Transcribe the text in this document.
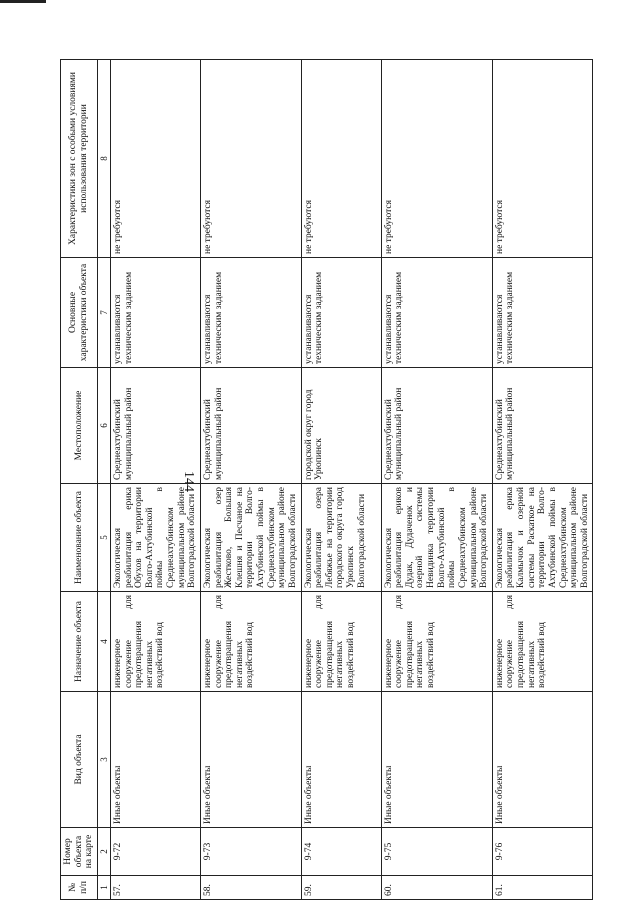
144
№ п/п	Номер объекта на карте	Вид объекта	Назначение объекта	Наименование объекта	Местоположение	Основные характеристики объекта	Характеристики зон с особыми условиями использования территории
1	2	3	4	5	6	7	8
57.	9-72	Иные объекты	инженерное сооружение для предотвращения негативных воздействий вод	Экологическая реабилитация ерика Обухов на территории Волго-Ахтубинской поймы в Среднеахтубинском муниципальном районе Волгоградской области	Среднеахтубинский муниципальный район	устанавливаются техническим заданием	не требуются
58.	9-73	Иные объекты	инженерное сооружение для предотвращения негативных воздействий вод	Экологическая реабилитация озер Жестково, Большая Клешня и Песчаное на территории Волго-Ахтубинской поймы в Среднеахтубинском муниципальном районе Волгоградской области	Среднеахтубинский муниципальный район	устанавливаются техническим заданием	не требуются
59.	9-74	Иные объекты	инженерное сооружение для предотвращения негативных воздействий вод	Экологическая реабилитация озера Лебяжье на территории городского округа город Урюпинск Волгоградской области	городской округ город Урюпинск	устанавливаются техническим заданием	не требуются
60.	9-75	Иные объекты	инженерное сооружение для предотвращения негативных воздействий вод	Экологическая реабилитация ериков Дудак, Дудаченок и озерной системы Невидинка территории Волго-Ахтубинской поймы в Среднеахтубинском муниципальном районе Волгоградской области	Среднеахтубинский муниципальный район	устанавливаются техническим заданием	не требуются
61.	9-76	Иные объекты	инженерное сооружение для предотвращения негативных воздействий вод	Экологическая реабилитация ерика Калмычок и озерной системы Раскаткое на территории Волго-Ахтубинской поймы в Среднеахтубинском муниципальном районе Волгоградской области	Среднеахтубинский муниципальный район	устанавливаются техническим заданием	не требуются
